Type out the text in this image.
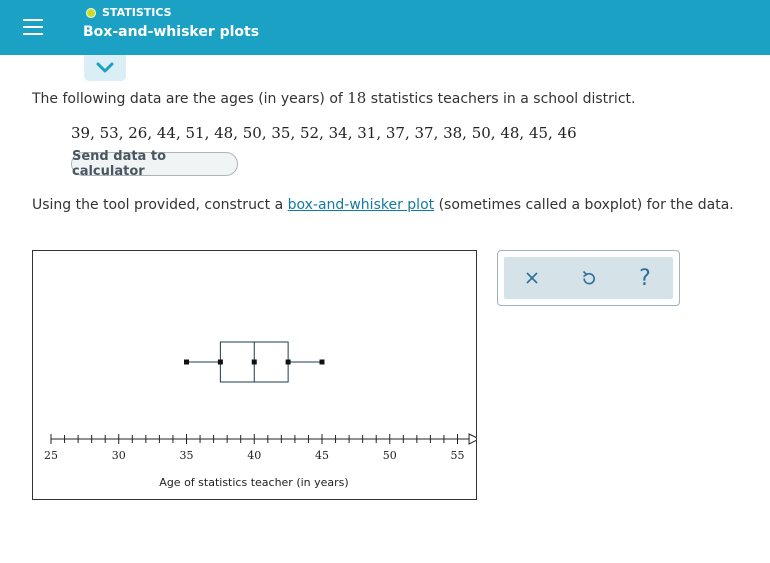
STATISTICS
Box-and-whisker plots
The following data are the ages (in years) of 18 statistics teachers in a school district.
39, 53, 26, 44, 51, 48, 50, 35, 52, 34, 31, 37, 37, 38, 50, 48, 45, 46
Send data to calculator
Using the tool provided, construct a box-and-whisker plot (sometimes called a boxplot) for the data.
25	30	35	40	45	50	55
Age of statistics teacher (in years)
?
